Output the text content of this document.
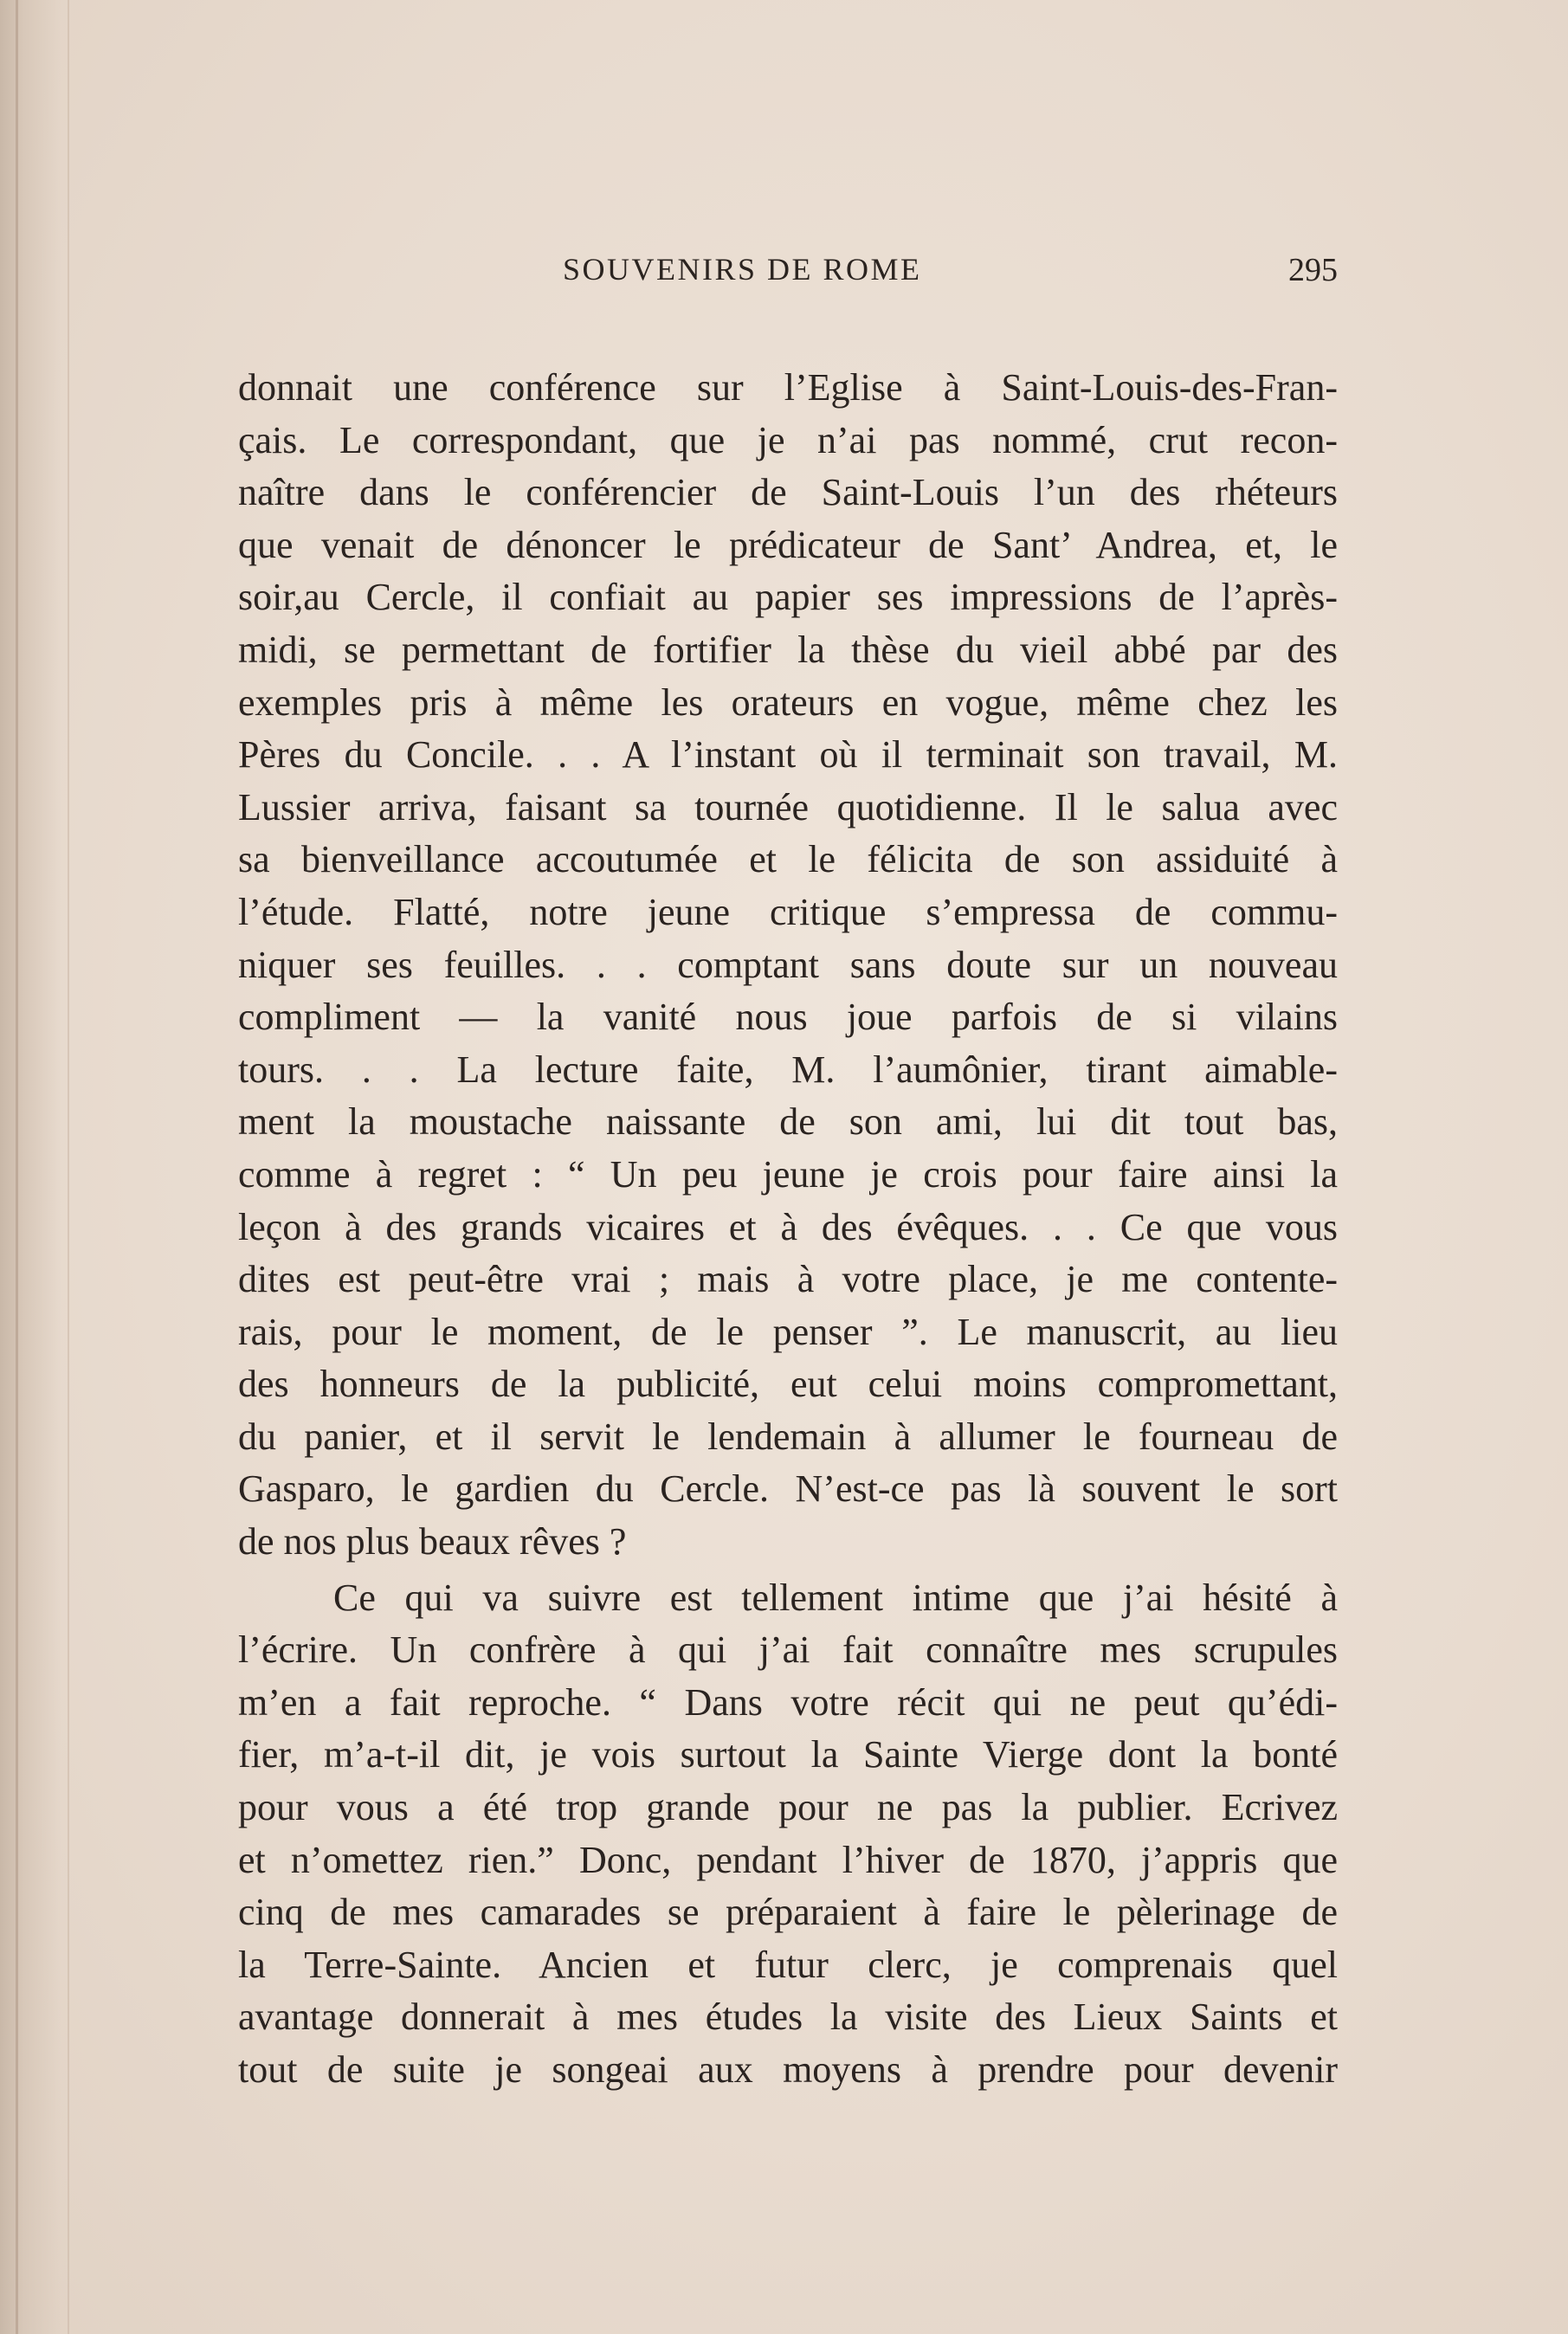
SOUVENIRS DE ROME	295
donnait une conférence sur l’Eglise à Saint-Louis-des-Fran-
çais. Le correspondant, que je n’ai pas nommé, crut recon-
naître dans le conférencier de Saint-Louis l’un des rhéteurs
que venait de dénoncer le prédicateur de Sant’ Andrea, et, le
soir,au Cercle, il confiait au papier ses impressions de l’après-
midi, se permettant de fortifier la thèse du vieil abbé par des
exemples pris à même les orateurs en vogue, même chez les
Pères du Concile. . . A l’instant où il terminait son travail, M.
Lussier arriva, faisant sa tournée quotidienne. Il le salua avec
sa bienveillance accoutumée et le félicita de son assiduité à
l’étude. Flatté, notre jeune critique s’empressa de commu-
niquer ses feuilles. . . comptant sans doute sur un nouveau
compliment — la vanité nous joue parfois de si vilains
tours. . . La lecture faite, M. l’aumônier, tirant aimable-
ment la moustache naissante de son ami, lui dit tout bas,
comme à regret : “ Un peu jeune je crois pour faire ainsi la
leçon à des grands vicaires et à des évêques. . . Ce que vous
dites est peut-être vrai ; mais à votre place, je me contente-
rais, pour le moment, de le penser ”. Le manuscrit, au lieu
des honneurs de la publicité, eut celui moins compromettant,
du panier, et il servit le lendemain à allumer le fourneau de
Gasparo, le gardien du Cercle. N’est-ce pas là souvent le sort
de nos plus beaux rêves ?
Ce qui va suivre est tellement intime que j’ai hésité à
l’écrire. Un confrère à qui j’ai fait connaître mes scrupules
m’en a fait reproche. “ Dans votre récit qui ne peut qu’édi-
fier, m’a-t-il dit, je vois surtout la Sainte Vierge dont la bonté
pour vous a été trop grande pour ne pas la publier. Ecrivez
et n’omettez rien.” Donc, pendant l’hiver de 1870, j’appris que
cinq de mes camarades se préparaient à faire le pèlerinage de
la Terre-Sainte. Ancien et futur clerc, je comprenais quel
avantage donnerait à mes études la visite des Lieux Saints et
tout de suite je songeai aux moyens à prendre pour devenir
